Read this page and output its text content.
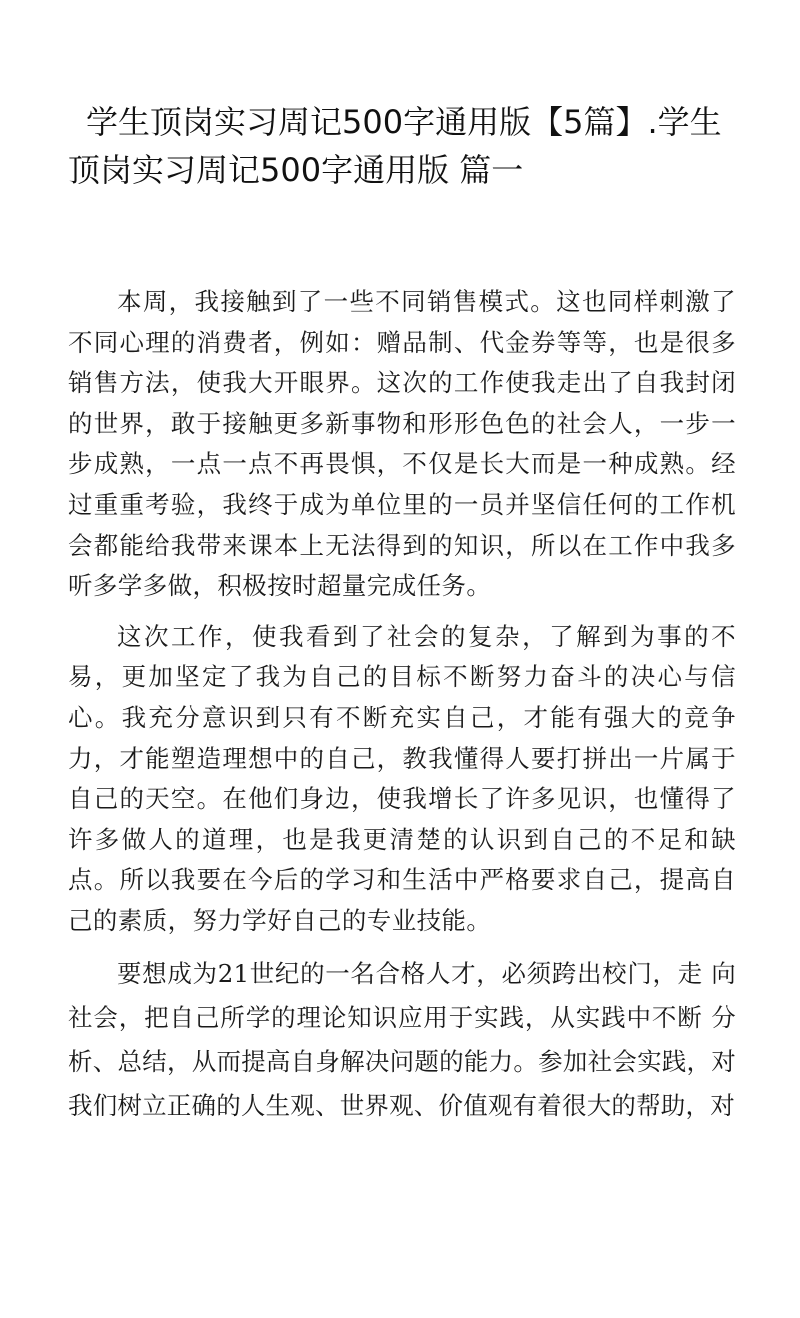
学生顶岗实习周记500字通用版【5篇】.学生顶岗实习周记500字通用版 篇一

本周，我接触到了一些不同销售模式。这也同样刺激了不同心理的消费者，例如：赠品制、代金券等等，也是很多销售方法，使我大开眼界。这次的工作使我走出了自我封闭的世界，敢于接触更多新事物和形形色色的社会人，一步一步成熟，一点一点不再畏惧，不仅是长大而是一种成熟。经过重重考验，我终于成为单位里的一员并坚信任何的工作机会都能给我带来课本上无法得到的知识，所以在工作中我多听多学多做，积极按时超量完成任务。

这次工作，使我看到了社会的复杂，了解到为事的不易，更加坚定了我为自己的目标不断努力奋斗的决心与信心。我充分意识到只有不断充实自己，才能有强大的竞争力，才能塑造理想中的自己，教我懂得人要打拼出一片属于自己的天空。在他们身边，使我增长了许多见识，也懂得了许多做人的道理，也是我更清楚的认识到自己的不足和缺点。所以我要在今后的学习和生活中严格要求自己，提高自己的素质，努力学好自己的专业技能。

要想成为21世纪的一名合格人才，必须跨出校门，走 向社会，把自己所学的理论知识应用于实践，从实践中不断 分析、总结，从而提高自身解决问题的能力。参加社会实践，对我们树立正确的人生观、世界观、价值观有着很大的帮助，对
